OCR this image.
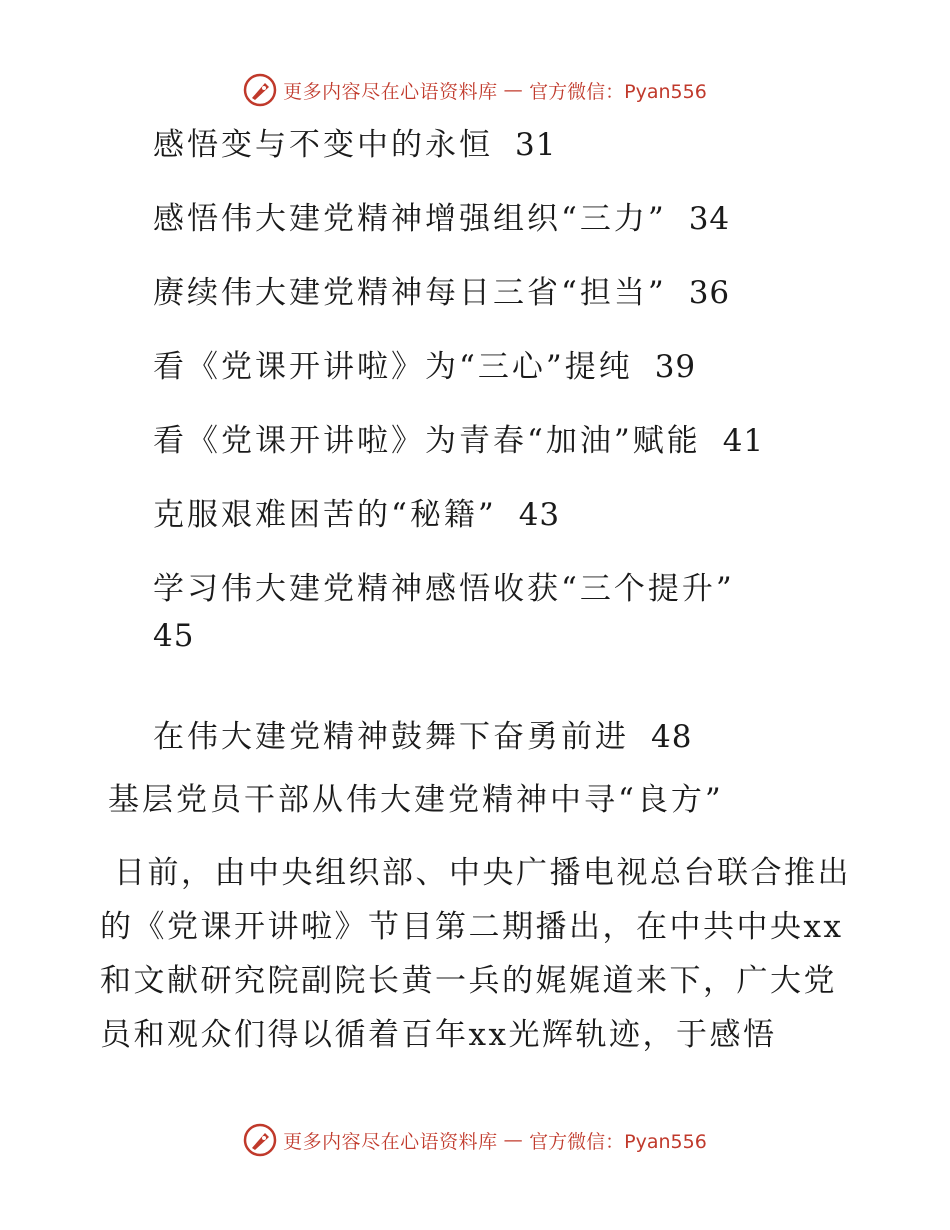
更多内容尽在心语资料库 — 官方微信：Pyan556
感悟变与不变中的永恒 31
感悟伟大建党精神增强组织“三力” 34
赓续伟大建党精神每日三省“担当” 36
看《党课开讲啦》为“三心”提纯 39
看《党课开讲啦》为青春“加油”赋能 41
克服艰难困苦的“秘籍” 43
学习伟大建党精神感悟收获“三个提升”
45
在伟大建党精神鼓舞下奋勇前进 48
基层党员干部从伟大建党精神中寻“良方”
日前，由中央组织部、中央广播电视总台联合推出的《党课开讲啦》节目第二期播出，在中共中央xx和文献研究院副院长黄一兵的娓娓道来下，广大党员和观众们得以循着百年xx光辉轨迹，于感悟
更多内容尽在心语资料库 — 官方微信：Pyan556
